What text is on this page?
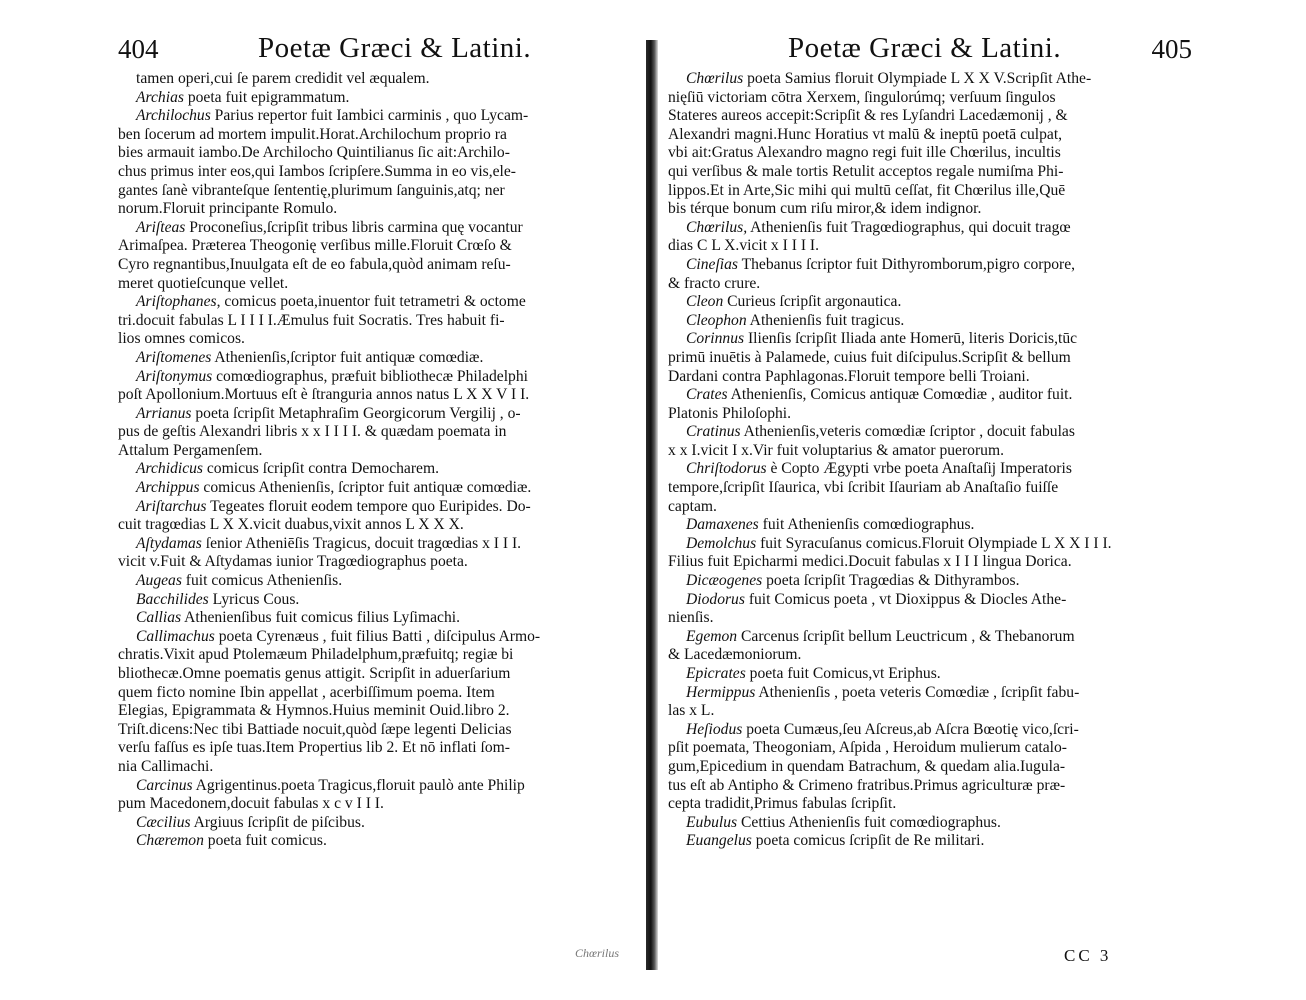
404	Poetæ Græci & Latini.
tamen operi,cui ſe parem credidit vel æqualem.
Archias poeta fuit epigrammatum.
Archilochus Parius repertor fuit Iambici carminis , quo Lycam-
ben ſocerum ad mortem impulit.Horat.Archilochum proprio ra
bies armauit iambo.De Archilocho Quintilianus ſic ait:Archilo-
chus primus inter eos,qui Iambos ſcripſere.Summa in eo vis,ele-
gantes ſanè vibranteſque ſententię,plurimum ſanguinis,atq; ner
norum.Floruit principante Romulo.
Ariſteas Proconeſius,ſcripſit tribus libris carmina quę vocantur
Arimaſpea. Præterea Theogonię verſibus mille.Floruit Crœſo &
Cyro regnantibus,Inuulgata eſt de eo fabula,quòd animam reſu-
meret quotieſcunque vellet.
Ariſtophanes, comicus poeta,inuentor fuit tetrametri & octome
tri.docuit fabulas L I I I I.Æmulus fuit Socratis. Tres habuit fi-
lios omnes comicos.
Ariſtomenes Athenienſis,ſcriptor fuit antiquæ comœdiæ.
Ariſtonymus comœdiographus, præfuit bibliothecæ Philadelphi
poſt Apollonium.Mortuus eſt è ſtranguria annos natus L X X V I I.
Arrianus poeta ſcripſit Metaphraſim Georgicorum Vergilij , o-
pus de geſtis Alexandri libris x x I I I I. & quædam poemata in
Attalum Pergamenſem.
Archidicus comicus ſcripſit contra Democharem.
Archippus comicus Athenienſis, ſcriptor fuit antiquæ comœdiæ.
Ariſtarchus Tegeates floruit eodem tempore quo Euripides. Do-
cuit tragœdias L X X.vicit duabus,vixit annos L X X X.
Aſtydamas ſenior Atheniēſis Tragicus, docuit tragœdias x I I I.
vicit v.Fuit & Aſtydamas iunior Tragœdiographus poeta.
Augeas fuit comicus Athenienſis.
Bacchilides Lyricus Cous.
Callias Athenienſibus fuit comicus filius Lyſimachi.
Callimachus poeta Cyrenæus , fuit filius Batti , diſcipulus Armo-
chratis.Vixit apud Ptolemæum Philadelphum,præfuitq; regiæ bi
bliothecæ.Omne poematis genus attigit. Scripſit in aduerſarium
quem ficto nomine Ibin appellat , acerbiſſimum poema. Item
Elegias, Epigrammata & Hymnos.Huius meminit Ouid.libro 2.
Triſt.dicens:Nec tibi Battiade nocuit,quòd ſæpe legenti Delicias
verſu faſſus es ipſe tuas.Item Propertius lib 2. Et nō inflati ſom-
nia Callimachi.
Carcinus Agrigentinus.poeta Tragicus,floruit paulò ante Philip
pum Macedonem,docuit fabulas x c v I I I.
Cæcilius Argiuus ſcripſit de piſcibus.
Chæremon poeta fuit comicus.
Poetæ Græci & Latini.	405
Chœrilus poeta Samius floruit Olympiade L X X V.Scripſit Athe-
nięſiū victoriam cōtra Xerxem, ſingulorúmq; verſuum ſingulos
Stateres aureos accepit:Scripſit & res Lyſandri Lacedæmonij , &
Alexandri magni.Hunc Horatius vt malū & ineptū poetā culpat,
vbi ait:Gratus Alexandro magno regi fuit ille Chœrilus, incultis
qui verſibus & male tortis Retulit acceptos regale numiſma Phi-
lippos.Et in Arte,Sic mihi qui multū ceſſat, fit Chœrilus ille,Quē
bis térque bonum cum riſu miror,& idem indignor.
Chœrilus, Athenienſis fuit Tragœdiographus, qui docuit tragœ
dias C L X.vicit x I I I I.
Cineſias Thebanus ſcriptor fuit Dithyromborum,pigro corpore,
& fracto crure.
Cleon Curieus ſcripſit argonautica.
Cleophon Athenienſis fuit tragicus.
Corinnus Ilienſis ſcripſit Iliada ante Homerū, literis Doricis,tūc
primū inuētis à Palamede, cuius fuit diſcipulus.Scripſit & bellum
Dardani contra Paphlagonas.Floruit tempore belli Troiani.
Crates Athenienſis, Comicus antiquæ Comœdiæ , auditor fuit.
Platonis Philoſophi.
Cratinus Athenienſis,veteris comœdiæ ſcriptor , docuit fabulas
x x I.vicit I x.Vir fuit voluptarius & amator puerorum.
Chriſtodorus è Copto Ægypti vrbe poeta Anaſtaſij Imperatoris
tempore,ſcripſit Iſaurica, vbi ſcribit Iſauriam ab Anaſtaſio fuiſſe
captam.
Damaxenes fuit Athenienſis comœdiographus.
Demolchus fuit Syracuſanus comicus.Floruit Olympiade L X X I I I.
Filius fuit Epicharmi medici.Docuit fabulas x I I I lingua Dorica.
Dicæogenes poeta ſcripſit Tragœdias & Dithyrambos.
Diodorus fuit Comicus poeta , vt Dioxippus & Diocles Athe-
nienſis.
Egemon Carcenus ſcripſit bellum Leuctricum , & Thebanorum
& Lacedæmoniorum.
Epicrates poeta fuit Comicus,vt Eriphus.
Hermippus Athenienſis , poeta veteris Comœdiæ , ſcripſit fabu-
las x L.
Heſiodus poeta Cumæus,ſeu Aſcreus,ab Aſcra Bœotię vico,ſcri-
pſit poemata, Theogoniam, Aſpida , Heroidum mulierum catalo-
gum,Epicedium in quendam Batrachum, & quedam alia.Iugula-
tus eſt ab Antipho & Crimeno fratribus.Primus agriculturæ præ-
cepta tradidit,Primus fabulas ſcripſit.
Eubulus Cettius Athenienſis fuit comœdiographus.
Euangelus poeta comicus ſcripſit de Re militari.
Chœrilus	CC 3
